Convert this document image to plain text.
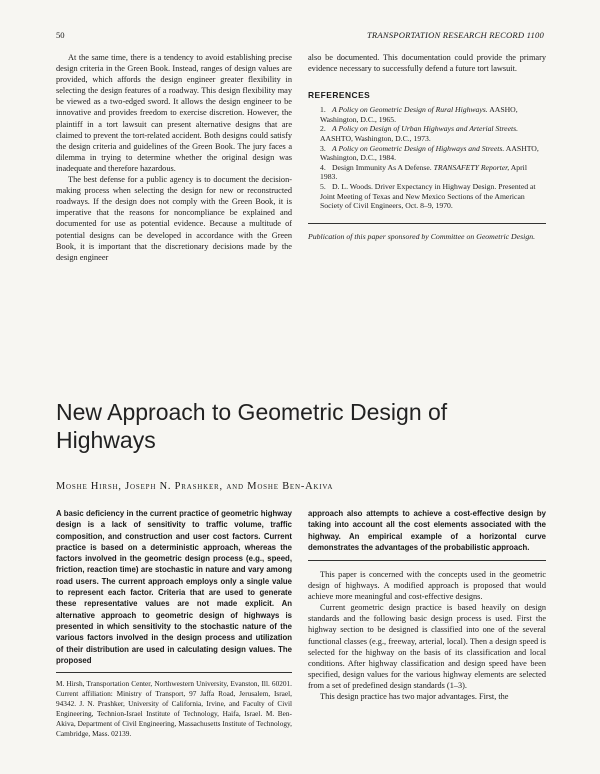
50	TRANSPORTATION RESEARCH RECORD 1100

At the same time, there is a tendency to avoid establishing precise design criteria in the Green Book. Instead, ranges of design values are provided, which affords the design engineer greater flexibility in selecting the design features of a roadway. This design flexibility may be viewed as a two-edged sword. It allows the design engineer to be innovative and provides freedom to exercise discretion. However, the plaintiff in a tort lawsuit can present alternative designs that are claimed to prevent the tort-related accident. Both designs could satisfy the design criteria and guidelines of the Green Book. The jury faces a dilemma in trying to determine whether the original design was inadequate and therefore hazardous.

The best defense for a public agency is to document the decision-making process when selecting the design for new or reconstructed roadways. If the design does not comply with the Green Book, it is imperative that the reasons for noncompliance be explained and documented for use as potential evidence. Because a multitude of potential designs can be developed in accordance with the Green Book, it is important that the discretionary decisions made by the design engineer

also be documented. This documentation could provide the primary evidence necessary to successfully defend a future tort lawsuit.

REFERENCES

1. A Policy on Geometric Design of Rural Highways. AASHO, Washington, D.C., 1965.

2. A Policy on Design of Urban Highways and Arterial Streets. AASHTO, Washington, D.C., 1973.

3. A Policy on Geometric Design of Highways and Streets. AASHTO, Washington, D.C., 1984.

4. Design Immunity As A Defense. TRANSAFETY Reporter, April 1983.

5. D. L. Woods. Driver Expectancy in Highway Design. Presented at Joint Meeting of Texas and New Mexico Sections of the American Society of Civil Engineers, Oct. 8–9, 1970.

Publication of this paper sponsored by Committee on Geometric Design.
New Approach to Geometric Design of Highways
Moshe Hirsh, Joseph N. Prashker, and Moshe Ben-Akiva
A basic deficiency in the current practice of geometric highway design is a lack of sensitivity to traffic volume, traffic composition, and construction and user cost factors. Current practice is based on a deterministic approach, whereas the factors involved in the geometric design process (e.g., speed, friction, reaction time) are stochastic in nature and vary among road users. The current approach employs only a single value to represent each factor. Criteria that are used to generate these representative values are not made explicit. An alternative approach to geometric design of highways is presented in which sensitivity to the stochastic nature of the various factors involved in the design process and utilization of their distribution are used in calculating design values. The proposed
M. Hirsh, Transportation Center, Northwestern University, Evanston, Ill. 60201. Current affiliation: Ministry of Transport, 97 Jaffa Road, Jerusalem, Israel, 94342. J. N. Prashker, University of California, Irvine, and Faculty of Civil Engineering, Technion-Israel Institute of Technology, Haifa, Israel. M. Ben-Akiva, Department of Civil Engineering, Massachusetts Institute of Technology, Cambridge, Mass. 02139.
approach also attempts to achieve a cost-effective design by taking into account all the cost elements associated with the highway. An empirical example of a horizontal curve demonstrates the advantages of the probabilistic approach.

This paper is concerned with the concepts used in the geometric design of highways. A modified approach is proposed that would achieve more meaningful and cost-effective designs.

Current geometric design practice is based heavily on design standards and the following basic design process is used. First the highway section to be designed is classified into one of the several functional classes (e.g., freeway, arterial, local). Then a design speed is selected for the highway on the basis of its classification and local conditions. After highway classification and design speed have been specified, design values for the various highway elements are selected from a set of predefined design standards (1–3).

This design practice has two major advantages. First, the
